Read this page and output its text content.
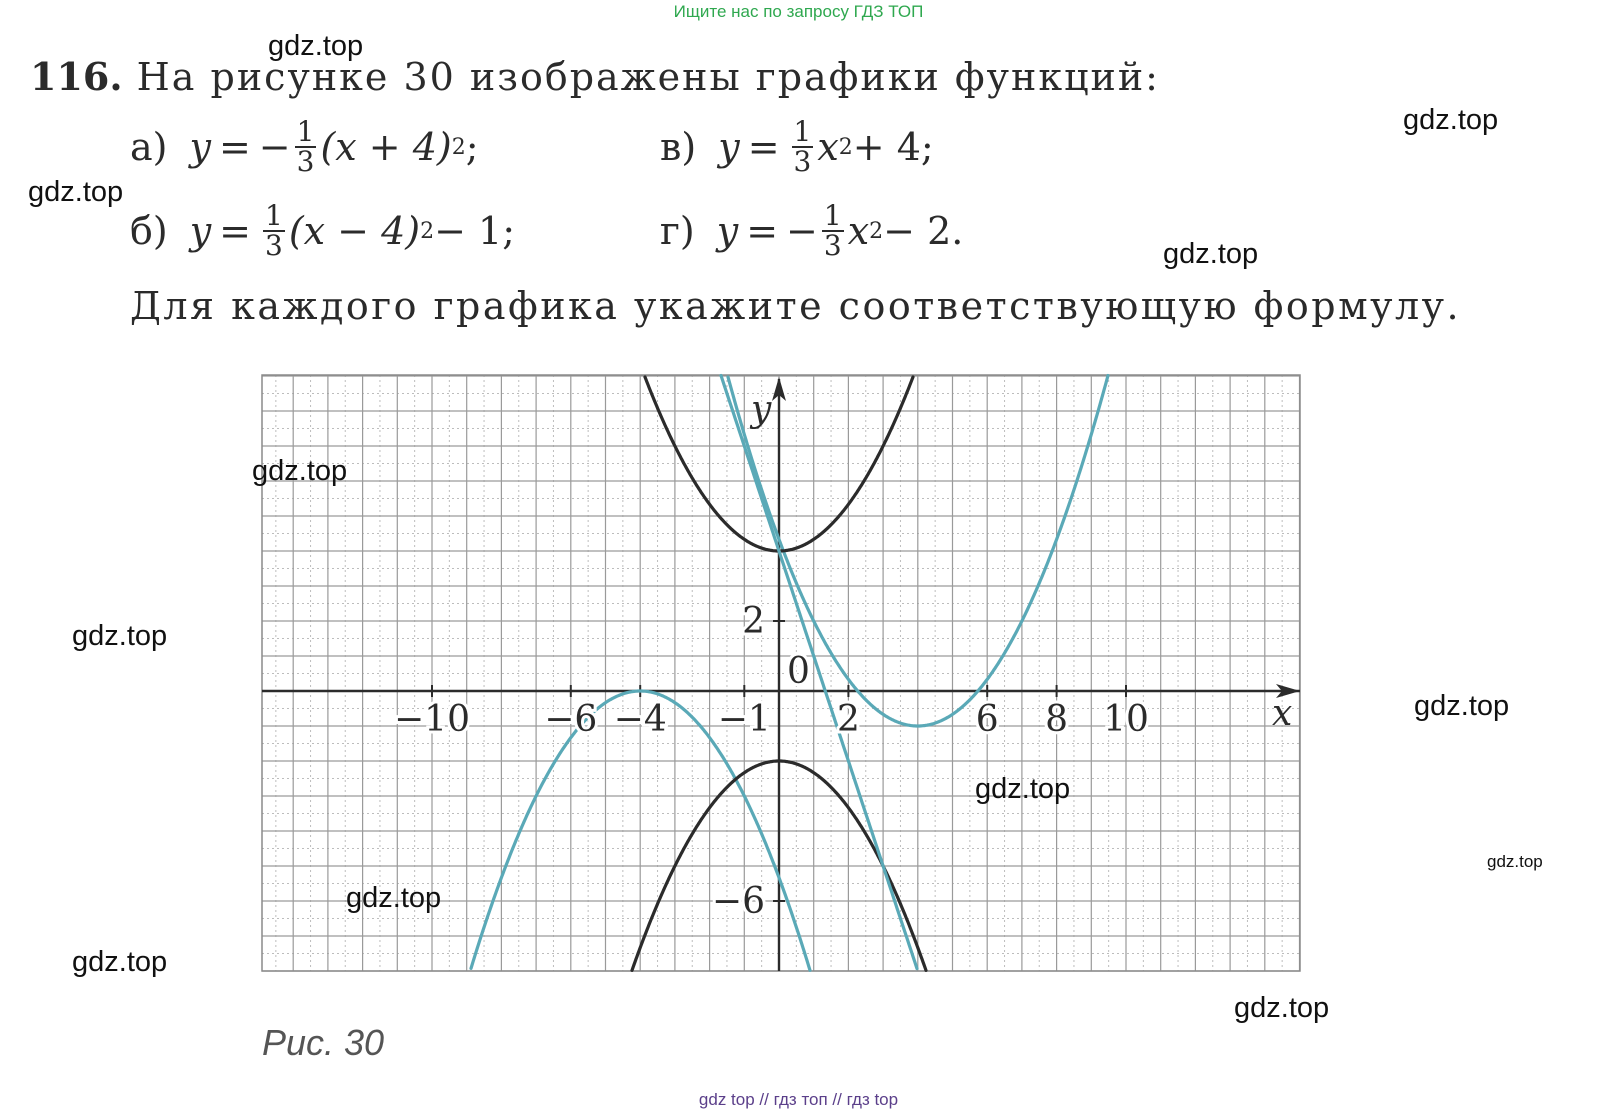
Ищите нас по запросу ГДЗ ТОП
116. На рисунке 30 изображены графики функций:
а) y = − $\frac{1}{3} (x + 4)$ 2 ;
б) $y = \frac{1}{3} (x - 4) 2 - 1$;
в) $y = \frac{1}{3}$ x 2 + 4;
г) y = − $\frac{1}{3}$ x 2 − 2.
Для каждого графика укажите соответствующую формулу.
−10 −6 −4 −1 2	6 8 10
2
−6
0
x
y
Рис. 30
gdz.top
gdz.top
gdz.top
gdz.top
gdz.top
gdz.top
gdz.top
gdz.top
gdz.top
gdz.top
gdz.top
gdz.top
gdz top // гдз топ // гдз top
